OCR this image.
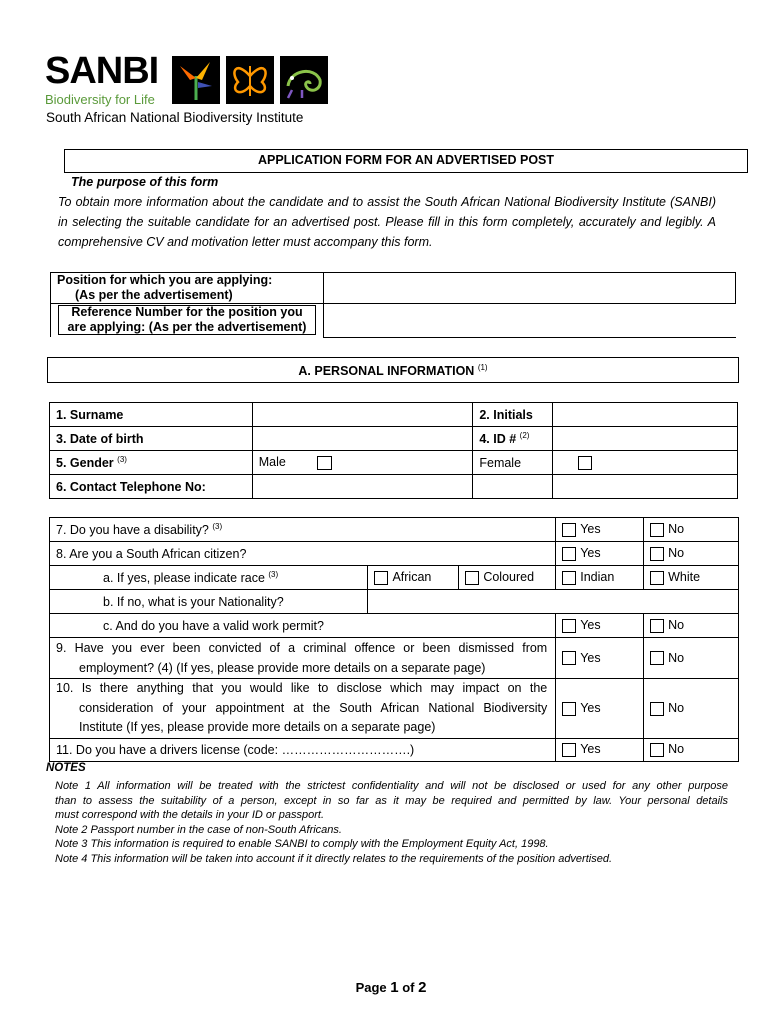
SANBI
Biodiversity for Life
South African National Biodiversity Institute
APPLICATION FORM FOR AN ADVERTISED POST
The purpose of this form
To obtain more information about the candidate and to assist the South African National Biodiversity Institute (SANBI) in selecting the suitable candidate for an advertised post. Please fill in this form completely, accurately and legibly. A comprehensive CV and motivation letter must accompany this form.
Position for which you are applying:
(As per the advertisement)
Reference Number for the position you
are applying: (As per the advertisement)
A. PERSONAL INFORMATION $^{(1)}$
1. Surname		2. Initials	
3. Date of birth		4. ID # $^{(2)}$	
5. Gender $^{(3)}$	Male	Female	
6. Contact Telephone No:			
7. Do you have a disability? $^{(3)}$			Yes	No
8. Are you a South African citizen?			Yes	No
a. If yes, please indicate race $^{(3)}$	African	Coloured	Indian	White
b. If no, what is your Nationality?				
c. And do you have a valid work permit?			Yes	No

9. Have you ever been convicted of a criminal offence or been dismissed from
employment? (4) (If yes, please provide more details on a separate page)			Yes	No

10. Is there anything that you would like to disclose which may impact on the
consideration of your appointment at the South African National Biodiversity
Institute (If yes, please provide more details on a separate page)			Yes	No
11. Do you have a drivers license (code: ………………………….)			Yes	No
NOTES
Note 1 All information will be treated with the strictest confidentiality and will not be disclosed or used for any other purpose
than to assess the suitability of a person, except in so far as it may be required and permitted by law. Your personal details
must correspond with the details in your ID or passport.
Note 2 Passport number in the case of non-South Africans.
Note 3 This information is required to enable SANBI to comply with the Employment Equity Act, 1998.
Note 4 This information will be taken into account if it directly relates to the requirements of the position advertised.
Page 1 of 2
